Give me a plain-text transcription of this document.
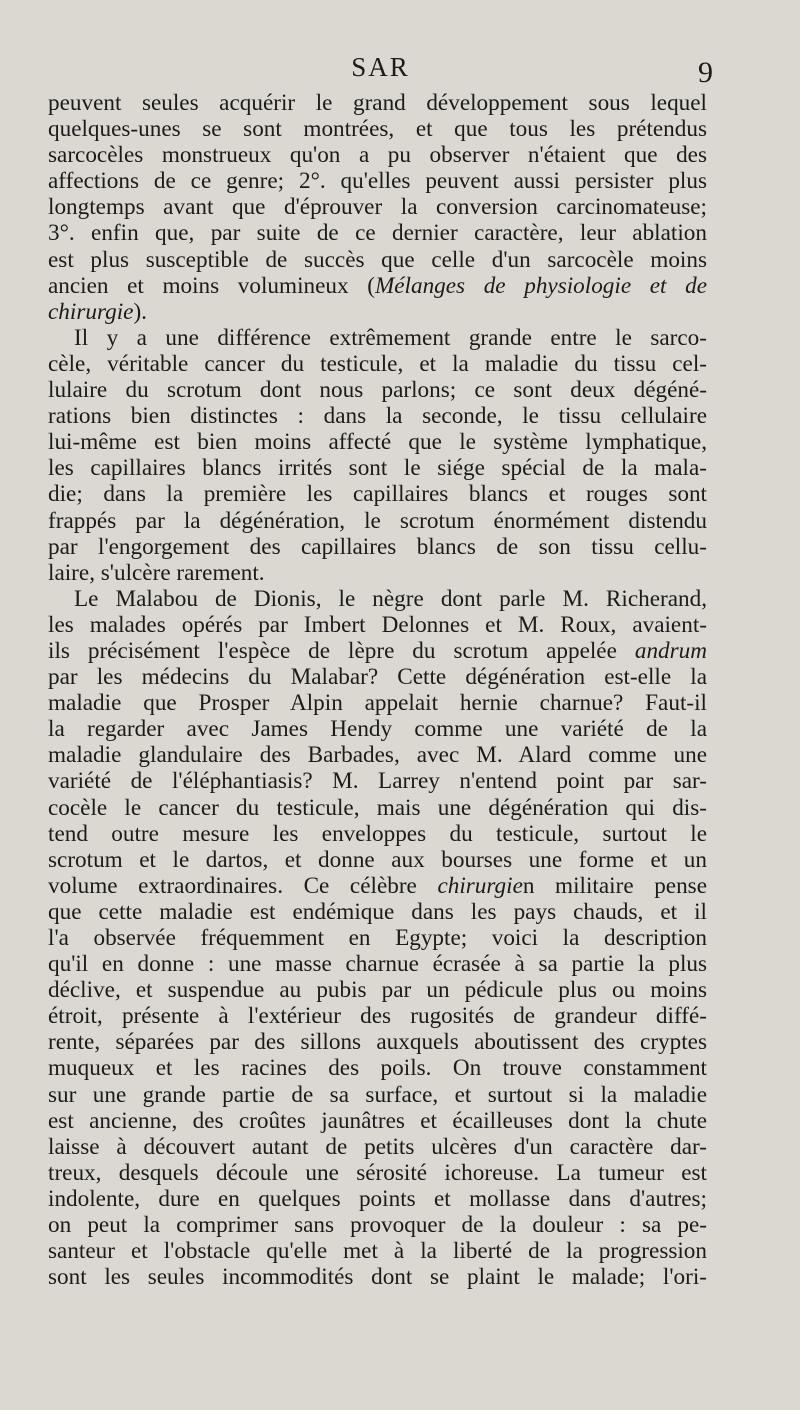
SAR	9
peuvent seules acquérir le grand développement sous lequel
quelques-unes se sont montrées, et que tous les prétendus
sarcocèles monstrueux qu'on a pu observer n'étaient que des
affections de ce genre; 2°. qu'elles peuvent aussi persister plus
longtemps avant que d'éprouver la conversion carcinomateuse;
3°. enfin que, par suite de ce dernier caractère, leur ablation
est plus susceptible de succès que celle d'un sarcocèle moins
ancien et moins volumineux (Mélanges de physiologie et de
chirurgie).
Il y a une différence extrêmement grande entre le sarco-
cèle, véritable cancer du testicule, et la maladie du tissu cel-
lulaire du scrotum dont nous parlons; ce sont deux dégéné-
rations bien distinctes : dans la seconde, le tissu cellulaire
lui-même est bien moins affecté que le système lymphatique,
les capillaires blancs irrités sont le siége spécial de la mala-
die; dans la première les capillaires blancs et rouges sont
frappés par la dégénération, le scrotum énormément distendu
par l'engorgement des capillaires blancs de son tissu cellu-
laire, s'ulcère rarement.
Le Malabou de Dionis, le nègre dont parle M. Richerand,
les malades opérés par Imbert Delonnes et M. Roux, avaient-
ils précisément l'espèce de lèpre du scrotum appelée andrum
par les médecins du Malabar? Cette dégénération est-elle la
maladie que Prosper Alpin appelait hernie charnue? Faut-il
la regarder avec James Hendy comme une variété de la
maladie glandulaire des Barbades, avec M. Alard comme une
variété de l'éléphantiasis? M. Larrey n'entend point par sar-
cocèle le cancer du testicule, mais une dégénération qui dis-
tend outre mesure les enveloppes du testicule, surtout le
scrotum et le dartos, et donne aux bourses une forme et un
volume extraordinaires. Ce célèbre chirurgien militaire pense
que cette maladie est endémique dans les pays chauds, et il
l'a observée fréquemment en Egypte; voici la description
qu'il en donne : une masse charnue écrasée à sa partie la plus
déclive, et suspendue au pubis par un pédicule plus ou moins
étroit, présente à l'extérieur des rugosités de grandeur diffé-
rente, séparées par des sillons auxquels aboutissent des cryptes
muqueux et les racines des poils. On trouve constamment
sur une grande partie de sa surface, et surtout si la maladie
est ancienne, des croûtes jaunâtres et écailleuses dont la chute
laisse à découvert autant de petits ulcères d'un caractère dar-
treux, desquels découle une sérosité ichoreuse. La tumeur est
indolente, dure en quelques points et mollasse dans d'autres;
on peut la comprimer sans provoquer de la douleur : sa pe-
santeur et l'obstacle qu'elle met à la liberté de la progression
sont les seules incommodités dont se plaint le malade; l'ori-
